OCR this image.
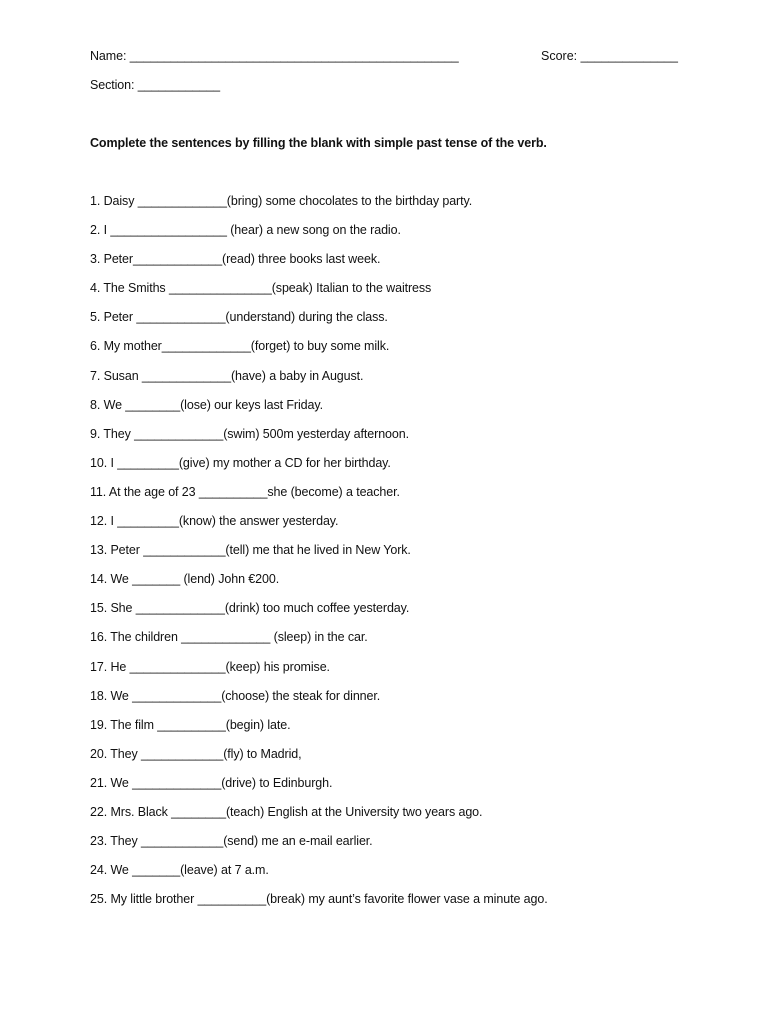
Name: ________________________________________________	Score: ______________
Section: ____________
Complete the sentences by filling the blank with simple past tense of the verb.
1. Daisy _____________(bring) some chocolates to the birthday party.
2. I _________________ (hear) a new song on the radio.
3. Peter_____________(read) three books last week.
4. The Smiths _______________(speak) Italian to the waitress
5. Peter _____________(understand) during the class.
6. My mother_____________(forget) to buy some milk.
7. Susan _____________(have) a baby in August.
8. We ________(lose) our keys last Friday.
9. They _____________(swim) 500m yesterday afternoon.
10. I _________(give) my mother a CD for her birthday.
11. At the age of 23 __________she (become) a teacher.
12. I _________(know) the answer yesterday.
13. Peter ____________(tell) me that he lived in New York.
14. We _______ (lend) John €200.
15. She _____________(drink) too much coffee yesterday.
16. The children _____________ (sleep) in the car.
17. He ______________(keep) his promise.
18. We _____________(choose) the steak for dinner.
19. The film __________(begin) late.
20. They ____________(fly) to Madrid,
21. We _____________(drive) to Edinburgh.
22. Mrs. Black ________(teach) English at the University two years ago.
23. They ____________(send) me an e-mail earlier.
24. We _______(leave) at 7 a.m.
25. My little brother __________(break) my aunt’s favorite flower vase a minute ago.
